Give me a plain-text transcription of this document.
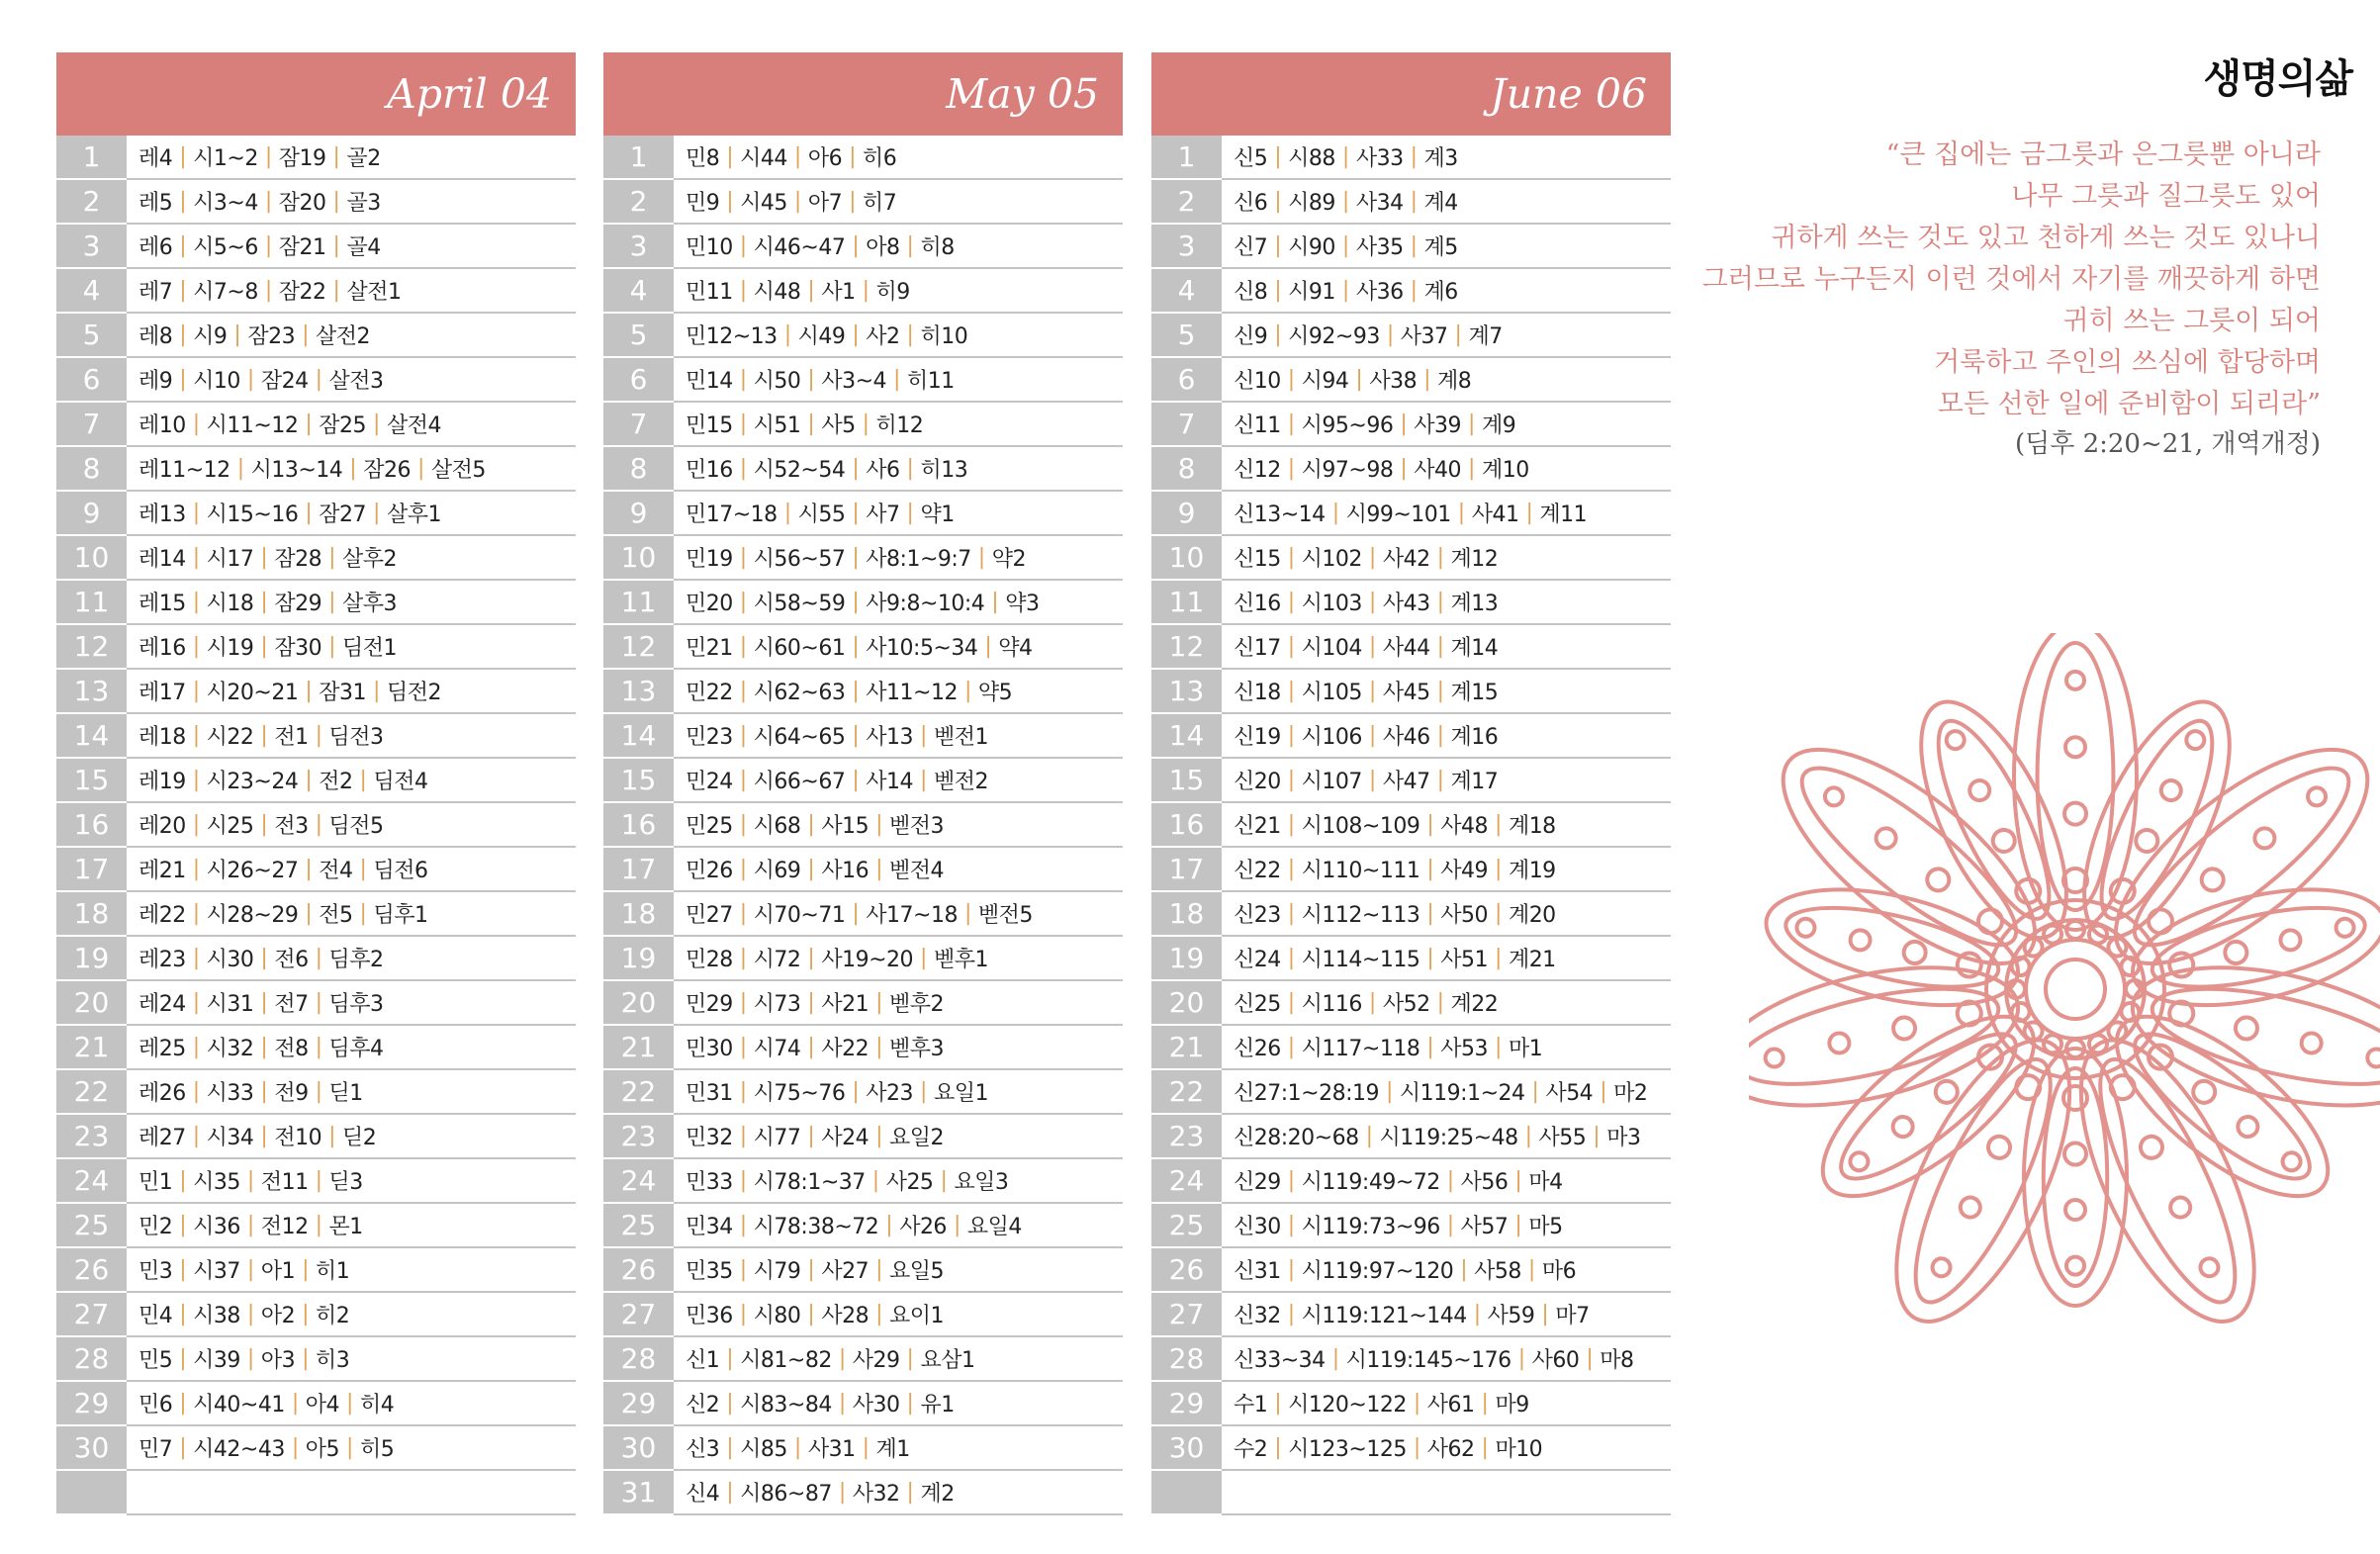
April 04
1	레4 | 시1~2 | 잠19 | 골2
2	레5 | 시3~4 | 잠20 | 골3
3	레6 | 시5~6 | 잠21 | 골4
4	레7 | 시7~8 | 잠22 | 살전1
5	레8 | 시9 | 잠23 | 살전2
6	레9 | 시10 | 잠24 | 살전3
7	레10 | 시11~12 | 잠25 | 살전4
8	레11~12 | 시13~14 | 잠26 | 살전5
9	레13 | 시15~16 | 잠27 | 살후1
10	레14 | 시17 | 잠28 | 살후2
11	레15 | 시18 | 잠29 | 살후3
12	레16 | 시19 | 잠30 | 딤전1
13	레17 | 시20~21 | 잠31 | 딤전2
14	레18 | 시22 | 전1 | 딤전3
15	레19 | 시23~24 | 전2 | 딤전4
16	레20 | 시25 | 전3 | 딤전5
17	레21 | 시26~27 | 전4 | 딤전6
18	레22 | 시28~29 | 전5 | 딤후1
19	레23 | 시30 | 전6 | 딤후2
20	레24 | 시31 | 전7 | 딤후3
21	레25 | 시32 | 전8 | 딤후4
22	레26 | 시33 | 전9 | 딛1
23	레27 | 시34 | 전10 | 딛2
24	민1 | 시35 | 전11 | 딛3
25	민2 | 시36 | 전12 | 몬1
26	민3 | 시37 | 아1 | 히1
27	민4 | 시38 | 아2 | 히2
28	민5 | 시39 | 아3 | 히3
29	민6 | 시40~41 | 아4 | 히4
30	민7 | 시42~43 | 아5 | 히5
May 05
1	민8 | 시44 | 아6 | 히6
2	민9 | 시45 | 아7 | 히7
3	민10 | 시46~47 | 아8 | 히8
4	민11 | 시48 | 사1 | 히9
5	민12~13 | 시49 | 사2 | 히10
6	민14 | 시50 | 사3~4 | 히11
7	민15 | 시51 | 사5 | 히12
8	민16 | 시52~54 | 사6 | 히13
9	민17~18 | 시55 | 사7 | 약1
10	민19 | 시56~57 | 사8:1~9:7 | 약2
11	민20 | 시58~59 | 사9:8~10:4 | 약3
12	민21 | 시60~61 | 사10:5~34 | 약4
13	민22 | 시62~63 | 사11~12 | 약5
14	민23 | 시64~65 | 사13 | 벧전1
15	민24 | 시66~67 | 사14 | 벧전2
16	민25 | 시68 | 사15 | 벧전3
17	민26 | 시69 | 사16 | 벧전4
18	민27 | 시70~71 | 사17~18 | 벧전5
19	민28 | 시72 | 사19~20 | 벧후1
20	민29 | 시73 | 사21 | 벧후2
21	민30 | 시74 | 사22 | 벧후3
22	민31 | 시75~76 | 사23 | 요일1
23	민32 | 시77 | 사24 | 요일2
24	민33 | 시78:1~37 | 사25 | 요일3
25	민34 | 시78:38~72 | 사26 | 요일4
26	민35 | 시79 | 사27 | 요일5
27	민36 | 시80 | 사28 | 요이1
28	신1 | 시81~82 | 사29 | 요삼1
29	신2 | 시83~84 | 사30 | 유1
30	신3 | 시85 | 사31 | 계1
31	신4 | 시86~87 | 사32 | 계2
June 06
1	신5 | 시88 | 사33 | 계3
2	신6 | 시89 | 사34 | 계4
3	신7 | 시90 | 사35 | 계5
4	신8 | 시91 | 사36 | 계6
5	신9 | 시92~93 | 사37 | 계7
6	신10 | 시94 | 사38 | 계8
7	신11 | 시95~96 | 사39 | 계9
8	신12 | 시97~98 | 사40 | 계10
9	신13~14 | 시99~101 | 사41 | 계11
10	신15 | 시102 | 사42 | 계12
11	신16 | 시103 | 사43 | 계13
12	신17 | 시104 | 사44 | 계14
13	신18 | 시105 | 사45 | 계15
14	신19 | 시106 | 사46 | 계16
15	신20 | 시107 | 사47 | 계17
16	신21 | 시108~109 | 사48 | 계18
17	신22 | 시110~111 | 사49 | 계19
18	신23 | 시112~113 | 사50 | 계20
19	신24 | 시114~115 | 사51 | 계21
20	신25 | 시116 | 사52 | 계22
21	신26 | 시117~118 | 사53 | 마1
22	신27:1~28:19 | 시119:1~24 | 사54 | 마2
23	신28:20~68 | 시119:25~48 | 사55 | 마3
24	신29 | 시119:49~72 | 사56 | 마4
25	신30 | 시119:73~96 | 사57 | 마5
26	신31 | 시119:97~120 | 사58 | 마6
27	신32 | 시119:121~144 | 사59 | 마7
28	신33~34 | 시119:145~176 | 사60 | 마8
29	수1 | 시120~122 | 사61 | 마9
30	수2 | 시123~125 | 사62 | 마10
생명의삶
“큰 집에는 금그릇과 은그릇뿐 아니라
나무 그릇과 질그릇도 있어
귀하게 쓰는 것도 있고 천하게 쓰는 것도 있나니
그러므로 누구든지 이런 것에서 자기를 깨끗하게 하면
귀히 쓰는 그릇이 되어
거룩하고 주인의 쓰심에 합당하며
모든 선한 일에 준비함이 되리라”
(딤후 2:20~21, 개역개정)
